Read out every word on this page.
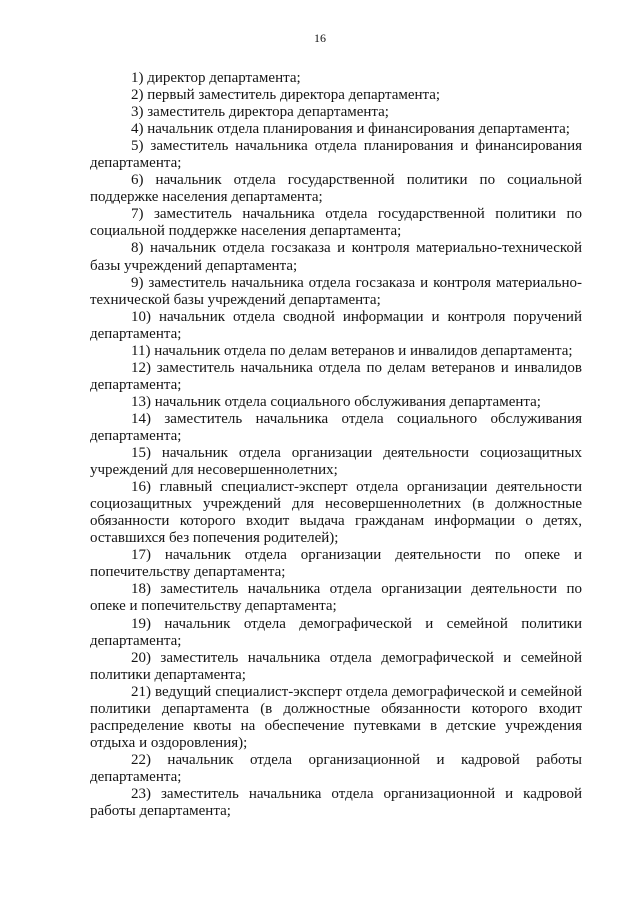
16

1) директор департамента;

2) первый заместитель директора департамента;

3) заместитель директора департамента;

4) начальник отдела планирования и финансирования департамента;

5) заместитель начальника отдела планирования и финансирования департамента;

6) начальник отдела государственной политики по социальной поддержке населения департамента;

7) заместитель начальника отдела государственной политики по социальной поддержке населения департамента;

8) начальник отдела госзаказа и контроля материально-технической базы учреждений департамента;

9) заместитель начальника отдела госзаказа и контроля материально-технической базы учреждений департамента;

10) начальник отдела сводной информации и контроля поручений департамента;

11) начальник отдела по делам ветеранов и инвалидов департамента;

12) заместитель начальника отдела по делам ветеранов и инвалидов департамента;

13) начальник отдела социального обслуживания департамента;

14) заместитель начальника отдела социального обслуживания департамента;

15) начальник отдела организации деятельности социозащитных учреждений для несовершеннолетних;

16) главный специалист-эксперт отдела организации деятельности социозащитных учреждений для несовершеннолетних (в должностные обязанности которого входит выдача гражданам информации о детях, оставшихся без попечения родителей);

17) начальник отдела организации деятельности по опеке и попечительству департамента;

18) заместитель начальника отдела организации деятельности по опеке и попечительству департамента;

19) начальник отдела демографической и семейной политики департамента;

20) заместитель начальника отдела демографической и семейной политики департамента;

21) ведущий специалист-эксперт отдела демографической и семейной политики департамента (в должностные обязанности которого входит распределение квоты на обеспечение путевками в детские учреждения отдыха и оздоровления);

22) начальник отдела организационной и кадровой работы департамента;

23) заместитель начальника отдела организационной и кадровой работы департамента;
